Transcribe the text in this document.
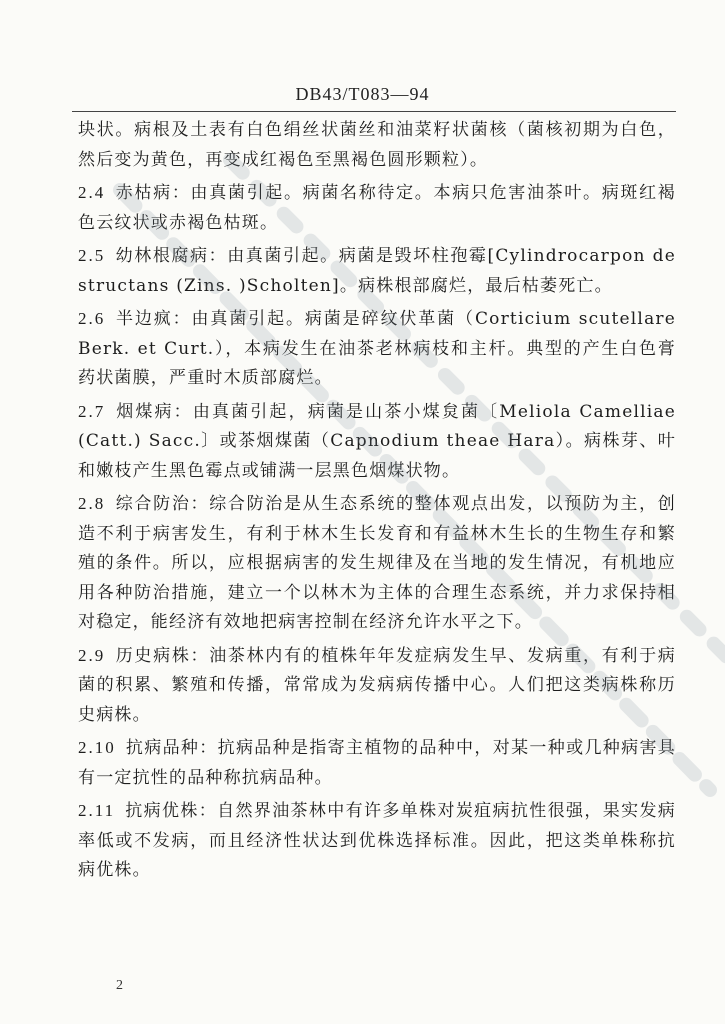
DB43/T083—94

块状。病根及土表有白色绢丝状菌丝和油菜籽状菌核（菌核初期为白色，然后变为黄色，再变成红褐色至黑褐色圆形颗粒）。

2.4 赤枯病：由真菌引起。病菌名称待定。本病只危害油茶叶。病斑红褐色云纹状或赤褐色枯斑。

2.5 幼林根腐病：由真菌引起。病菌是毁坏柱孢霉[Cylindrocarpon destructans (Zins. )Scholten]。病株根部腐烂，最后枯萎死亡。

2.6 半边疯：由真菌引起。病菌是碎纹伏革菌（Corticium scutellare Berk. et Curt.），本病发生在油茶老林病枝和主杆。典型的产生白色膏药状菌膜，严重时木质部腐烂。

2.7 烟煤病：由真菌引起，病菌是山茶小煤炱菌〔Meliola Camelliae (Catt.) Sacc.〕或茶烟煤菌（Capnodium theae Hara）。病株芽、叶和嫩枝产生黑色霉点或铺满一层黑色烟煤状物。

2.8 综合防治：综合防治是从生态系统的整体观点出发，以预防为主，创造不利于病害发生，有利于林木生长发育和有益林木生长的生物生存和繁殖的条件。所以，应根据病害的发生规律及在当地的发生情况，有机地应用各种防治措施，建立一个以林木为主体的合理生态系统，并力求保持相对稳定，能经济有效地把病害控制在经济允许水平之下。

2.9 历史病株：油茶林内有的植株年年发症病发生早、发病重，有利于病菌的积累、繁殖和传播，常常成为发病病传播中心。人们把这类病株称历史病株。

2.10 抗病品种：抗病品种是指寄主植物的品种中，对某一种或几种病害具有一定抗性的品种称抗病品种。

2.11 抗病优株：自然界油茶林中有许多单株对炭疽病抗性很强，果实发病率低或不发病，而且经济性状达到优株选择标准。因此，把这类单株称抗病优株。

2
